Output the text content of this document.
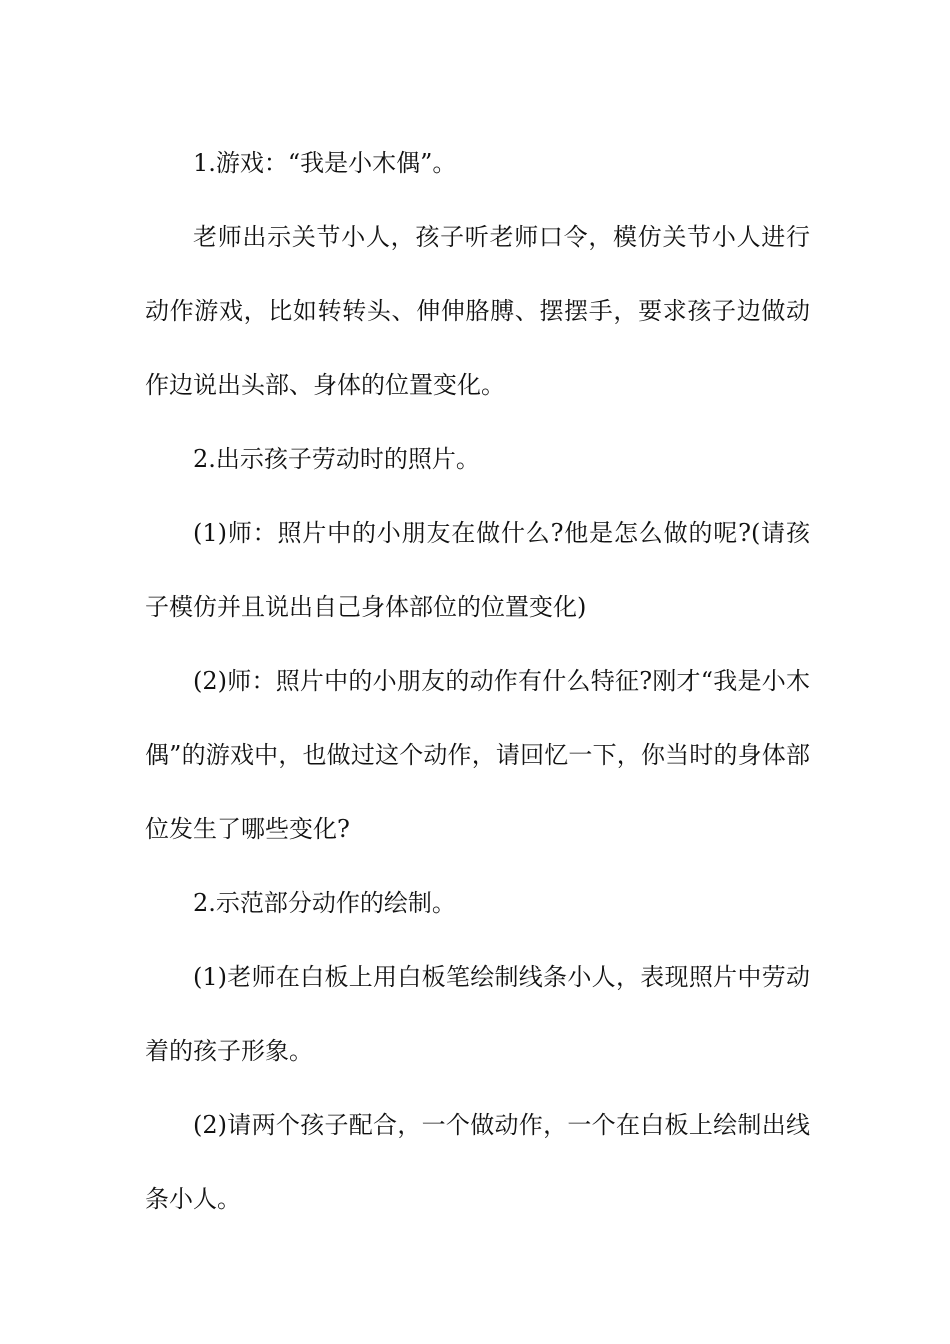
1.游戏：“我是小木偶”。

老师出示关节小人，孩子听老师口令，模仿关节小人进行动作游戏，比如转转头、伸伸胳膊、摆摆手，要求孩子边做动作边说出头部、身体的位置变化。

2.出示孩子劳动时的照片。

(1)师：照片中的小朋友在做什么?他是怎么做的呢?(请孩子模仿并且说出自己身体部位的位置变化)

(2)师：照片中的小朋友的动作有什么特征?刚才“我是小木偶”的游戏中，也做过这个动作，请回忆一下，你当时的身体部位发生了哪些变化?

2.示范部分动作的绘制。

(1)老师在白板上用白板笔绘制线条小人，表现照片中劳动着的孩子形象。

(2)请两个孩子配合，一个做动作，一个在白板上绘制出线条小人。
